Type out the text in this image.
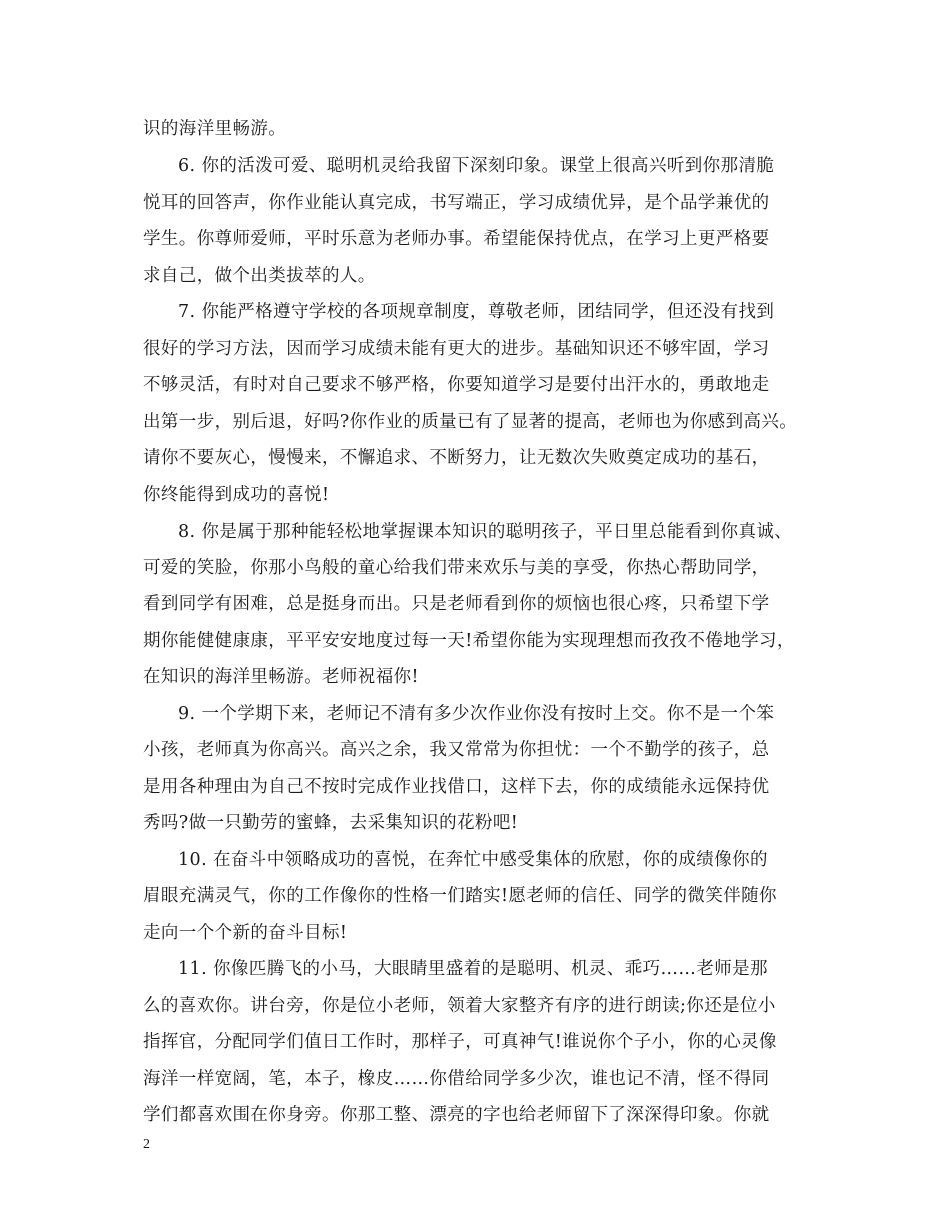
识的海洋里畅游。
6. 你的活泼可爱、聪明机灵给我留下深刻印象。课堂上很高兴听到你那清脆
悦耳的回答声，你作业能认真完成，书写端正，学习成绩优异，是个品学兼优的
学生。你尊师爱师，平时乐意为老师办事。希望能保持优点，在学习上更严格要
求自己，做个出类拔萃的人。
7. 你能严格遵守学校的各项规章制度，尊敬老师，团结同学，但还没有找到
很好的学习方法，因而学习成绩未能有更大的进步。基础知识还不够牢固，学习
不够灵活，有时对自己要求不够严格，你要知道学习是要付出汗水的，勇敢地走
出第一步，别后退，好吗?你作业的质量已有了显著的提高，老师也为你感到高兴。
请你不要灰心，慢慢来，不懈追求、不断努力，让无数次失败奠定成功的基石，
你终能得到成功的喜悦!
8. 你是属于那种能轻松地掌握课本知识的聪明孩子，平日里总能看到你真诚、
可爱的笑脸，你那小鸟般的童心给我们带来欢乐与美的享受，你热心帮助同学，
看到同学有困难，总是挺身而出。只是老师看到你的烦恼也很心疼，只希望下学
期你能健健康康，平平安安地度过每一天!希望你能为实现理想而孜孜不倦地学习，
在知识的海洋里畅游。老师祝福你!
9. 一个学期下来，老师记不清有多少次作业你没有按时上交。你不是一个笨
小孩，老师真为你高兴。高兴之余，我又常常为你担忧：一个不勤学的孩子，总
是用各种理由为自己不按时完成作业找借口，这样下去，你的成绩能永远保持优
秀吗?做一只勤劳的蜜蜂，去采集知识的花粉吧!
10. 在奋斗中领略成功的喜悦，在奔忙中感受集体的欣慰，你的成绩像你的
眉眼充满灵气，你的工作像你的性格一们踏实!愿老师的信任、同学的微笑伴随你
走向一个个新的奋斗目标!
11. 你像匹腾飞的小马，大眼睛里盛着的是聪明、机灵、乖巧……老师是那
么的喜欢你。讲台旁，你是位小老师，领着大家整齐有序的进行朗读;你还是位小
指挥官，分配同学们值日工作时，那样子，可真神气!谁说你个子小，你的心灵像
海洋一样宽阔，笔，本子，橡皮……你借给同学多少次，谁也记不清，怪不得同
学们都喜欢围在你身旁。你那工整、漂亮的字也给老师留下了深深得印象。你就
2
